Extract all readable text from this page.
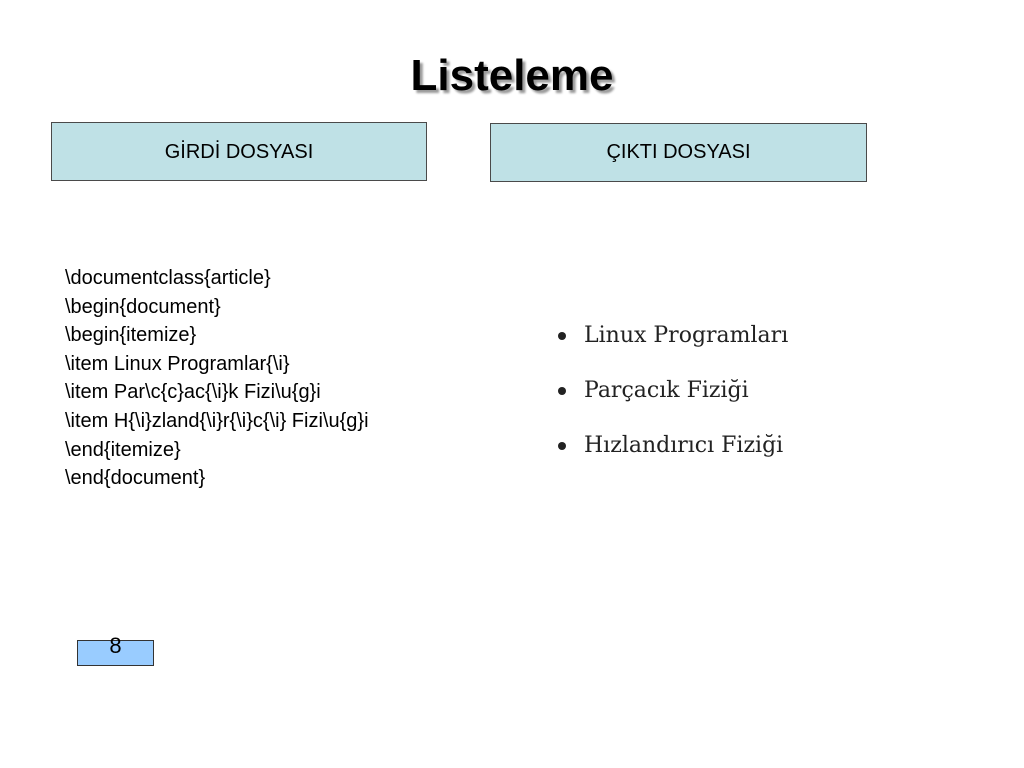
Listeleme
GİRDİ DOSYASI	ÇIKTI DOSYASI
\documentclass{article}
\begin{document}
\begin{itemize}
\item Linux Programlar{\i}
\item Par\c{c}ac{\i}k Fizi\u{g}i
\item H{\i}zland{\i}r{\i}c{\i} Fizi\u{g}i
\end{itemize}
\end{document}
Linux Programları
Parçacık Fiziği
Hızlandırıcı Fiziği
8
